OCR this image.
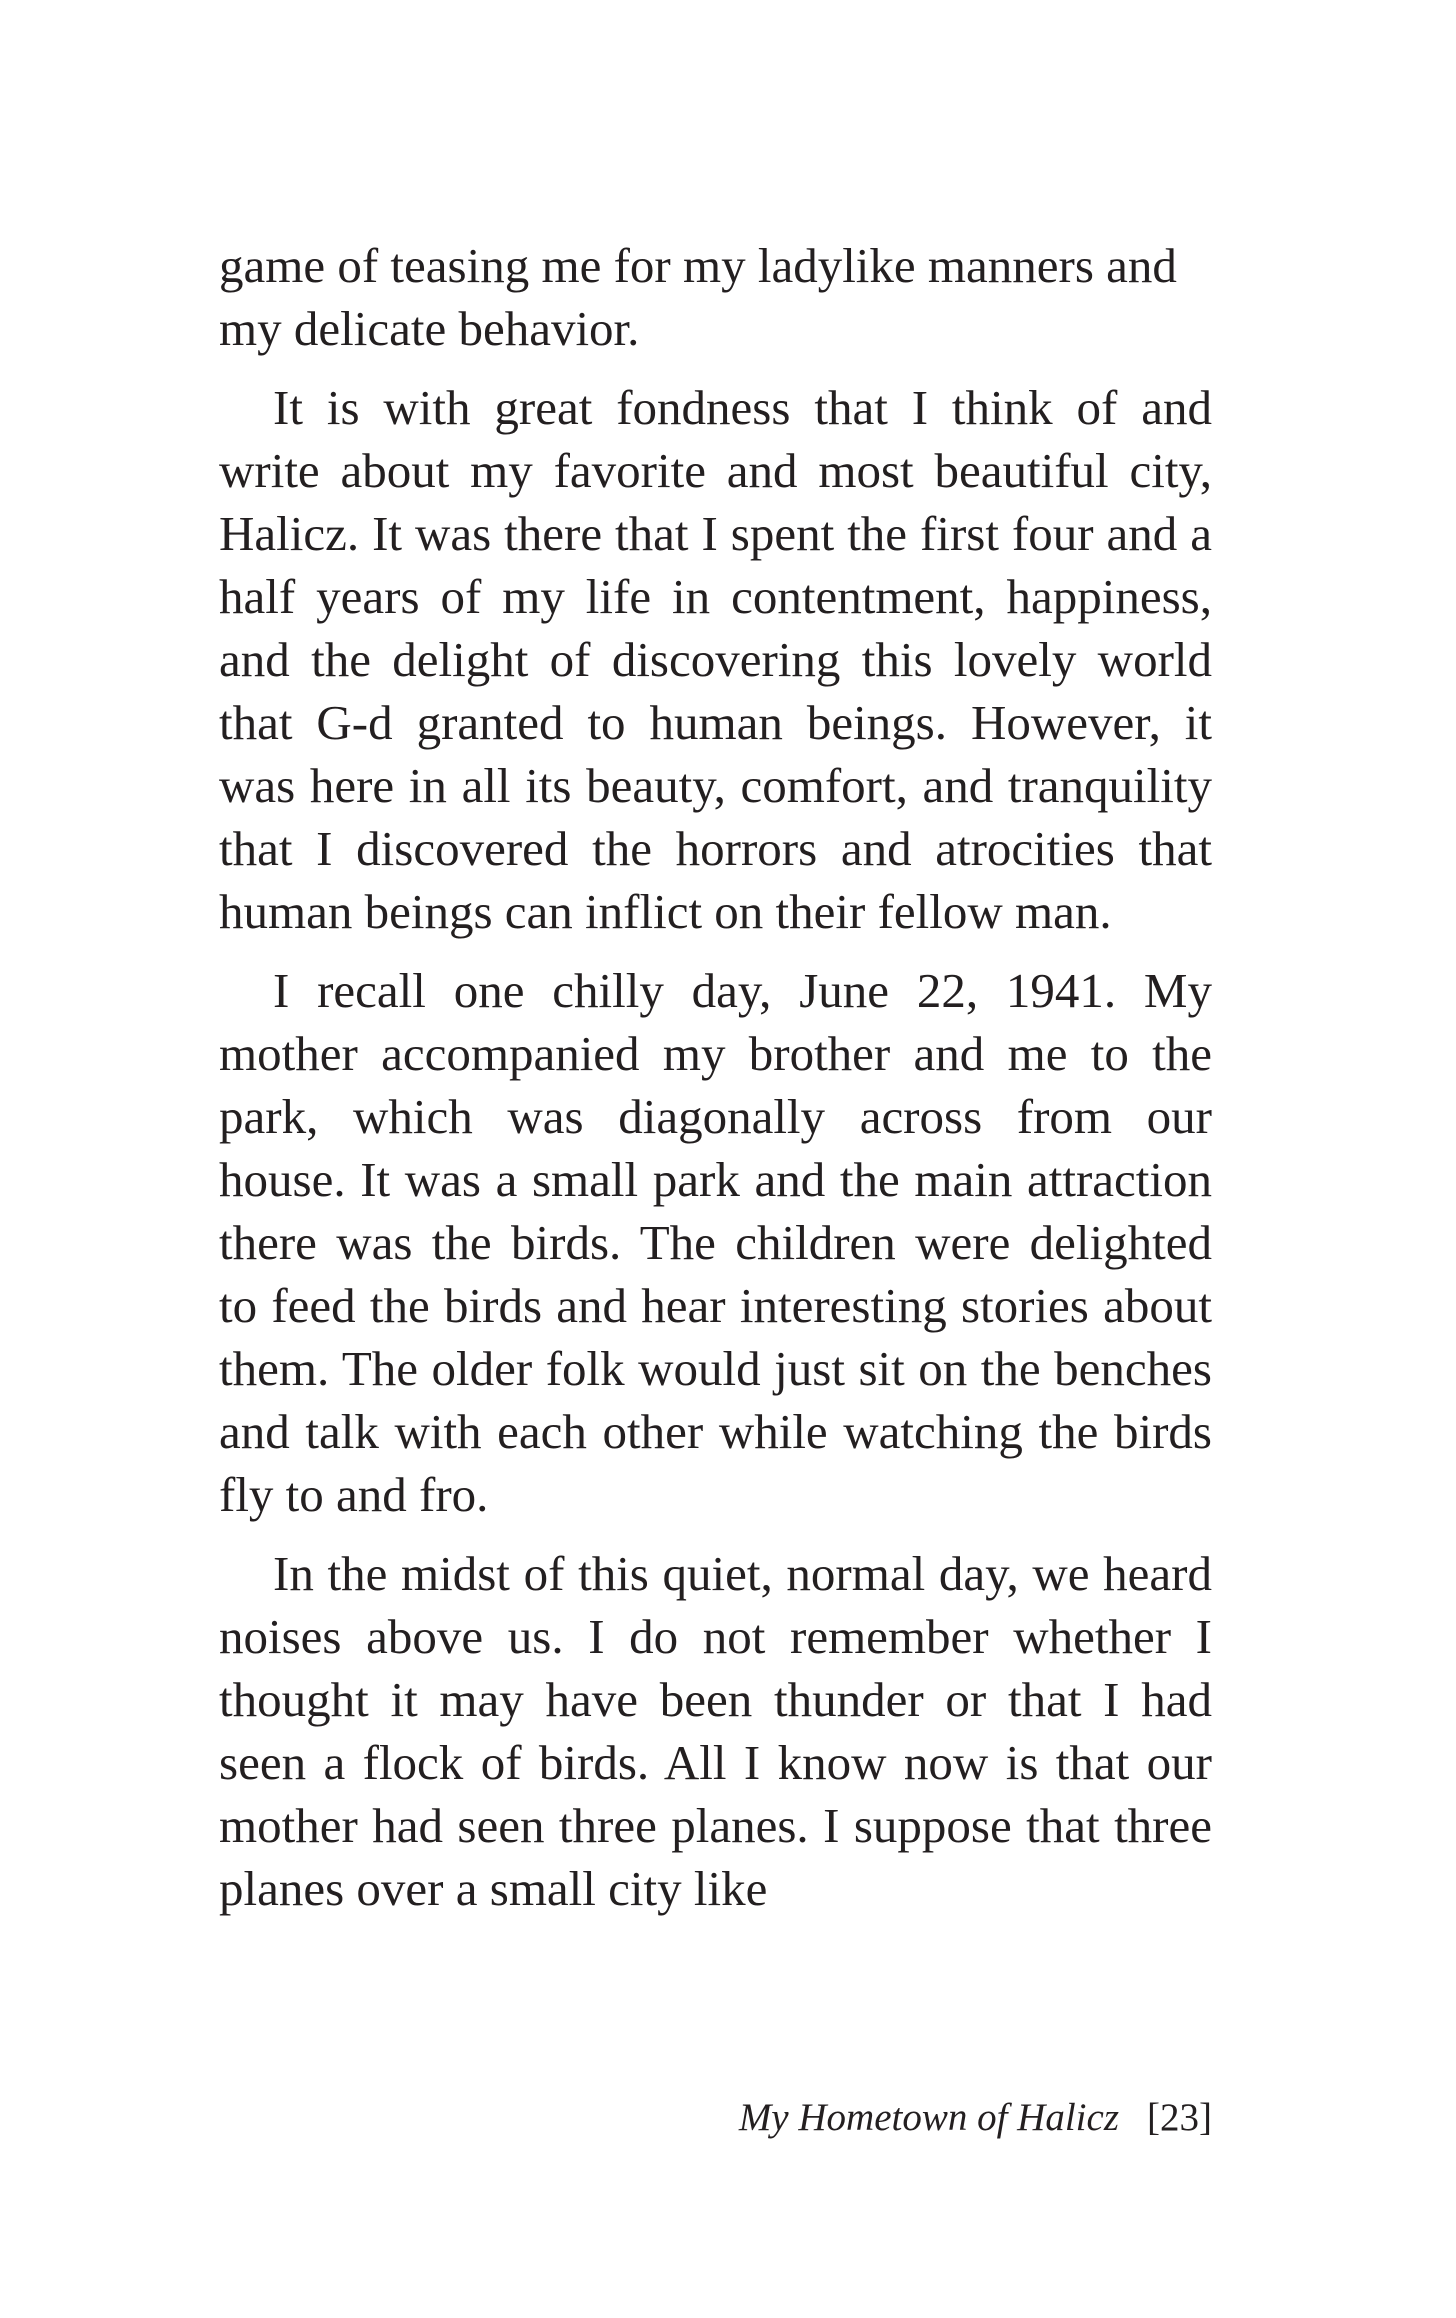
game of teasing me for my ladylike manners and my delicate behavior.

It is with great fondness that I think of and write about my favorite and most beautiful city, Halicz. It was there that I spent the first four and a half years of my life in contentment, happiness, and the delight of discovering this lovely world that G-d granted to human beings. However, it was here in all its beauty, comfort, and tranquility that I discovered the horrors and atrocities that human beings can inflict on their fellow man.

I recall one chilly day, June 22, 1941. My mother accompanied my brother and me to the park, which was diagonally across from our house. It was a small park and the main attraction there was the birds. The children were delighted to feed the birds and hear interesting stories about them. The older folk would just sit on the benches and talk with each other while watching the birds fly to and fro.

In the midst of this quiet, normal day, we heard noises above us. I do not remember whether I thought it may have been thunder or that I had seen a flock of birds. All I know now is that our mother had seen three planes. I suppose that three planes over a small city like

My Hometown of Halicz [23]
